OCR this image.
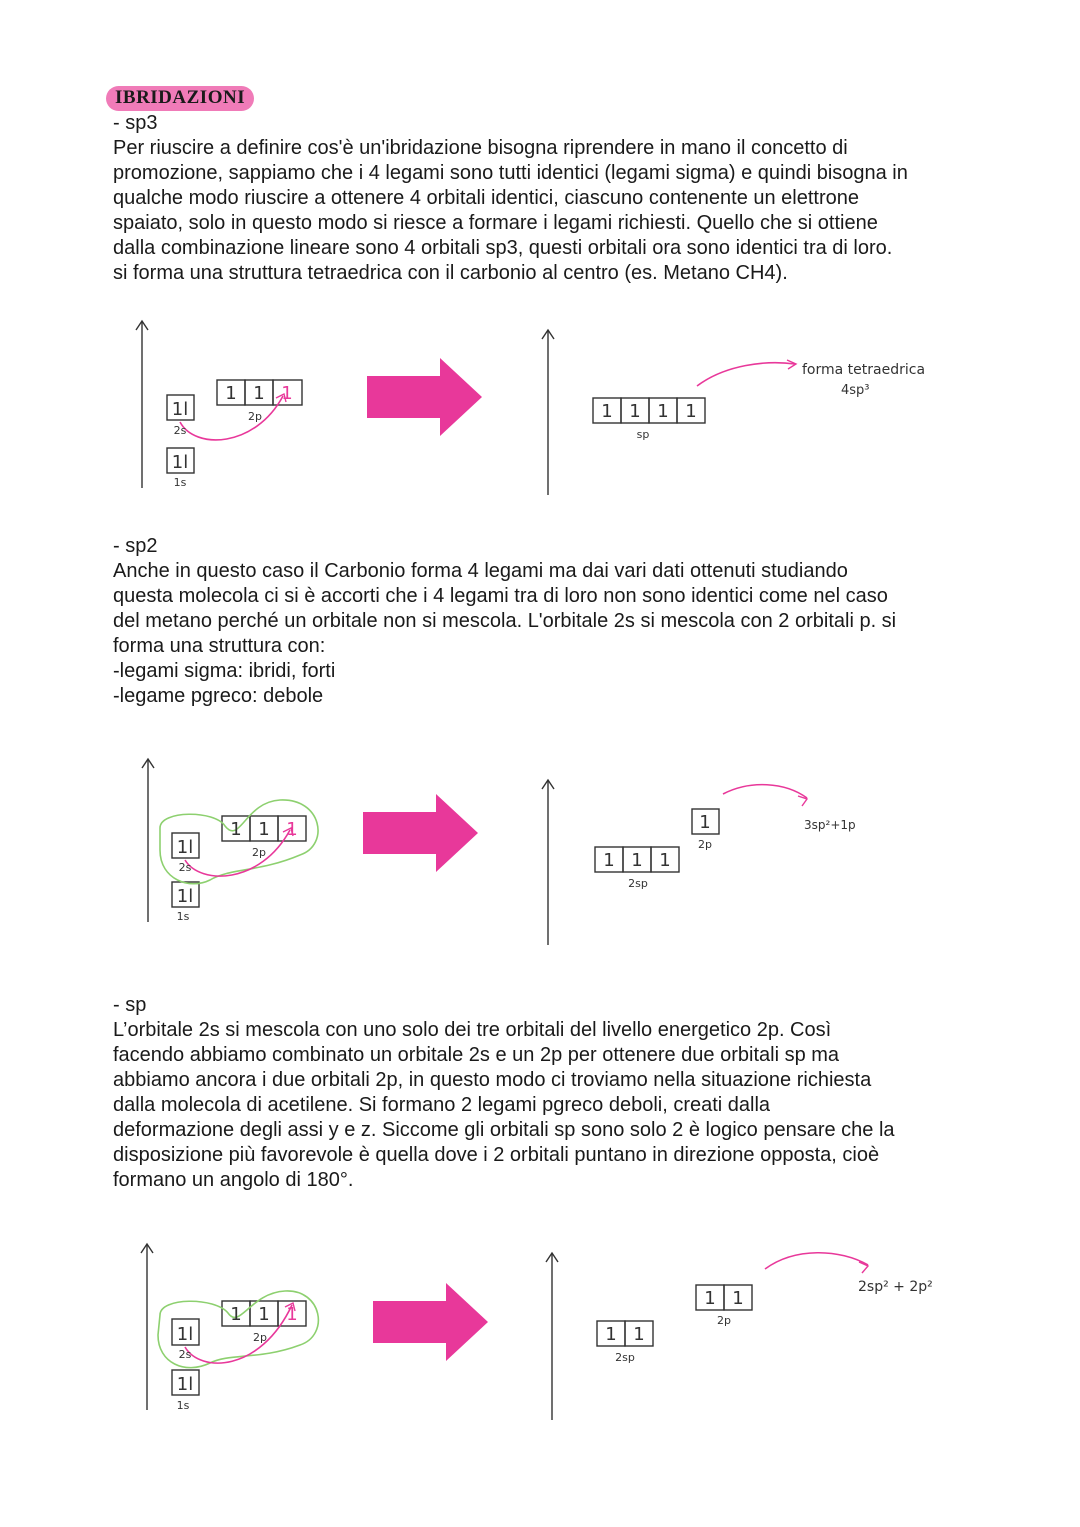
IBRIDAZIONI
- sp3
Per riuscire a definire cos'è un'ibridazione bisogna riprendere in mano il concetto di
promozione, sappiamo che i 4 legami sono tutti identici (legami sigma) e quindi bisogna in
qualche modo riuscire a ottenere 4 orbitali identici, ciascuno contenente un elettrone
spaiato, solo in questo modo si riesce a formare i legami richiesti. Quello che si ottiene
dalla combinazione lineare sono 4 orbitali sp3, questi orbitali ora sono identici tra di loro.
si forma una struttura tetraedrica con il carbonio al centro (es. Metano CH4).
1l
1l
1 1 1
2s
1s
2p	1 1 1 1
sp
forma tetraedrica
4sp³
- sp2
Anche in questo caso il Carbonio forma 4 legami ma dai vari dati ottenuti studiando
questa molecola ci si è accorti che i 4 legami tra di loro non sono identici come nel caso
del metano perché un orbitale non si mescola. L'orbitale 2s si mescola con 2 orbitali p. si
forma una struttura con:
-legami sigma: ibridi, forti
-legame pgreco: debole
1l
1l
1 1 1
2s
1s
2p	1 1 1
1
2sp
2p
3sp²+1p
- sp
L’orbitale 2s si mescola con uno solo dei tre orbitali del livello energetico 2p. Così
facendo abbiamo combinato un orbitale 2s e un 2p per ottenere due orbitali sp ma
abbiamo ancora i due orbitali 2p, in questo modo ci troviamo nella situazione richiesta
dalla molecola di acetilene. Si formano 2 legami pgreco deboli, creati dalla
deformazione degli assi y e z. Siccome gli orbitali sp sono solo 2 è logico pensare che la
disposizione più favorevole è quella dove i 2 orbitali puntano in direzione opposta, cioè
formano un angolo di 180°.
1l
1l
1 1 1
2s
1s
2p	1 1
1 1
2sp
2p
2sp² + 2p²
